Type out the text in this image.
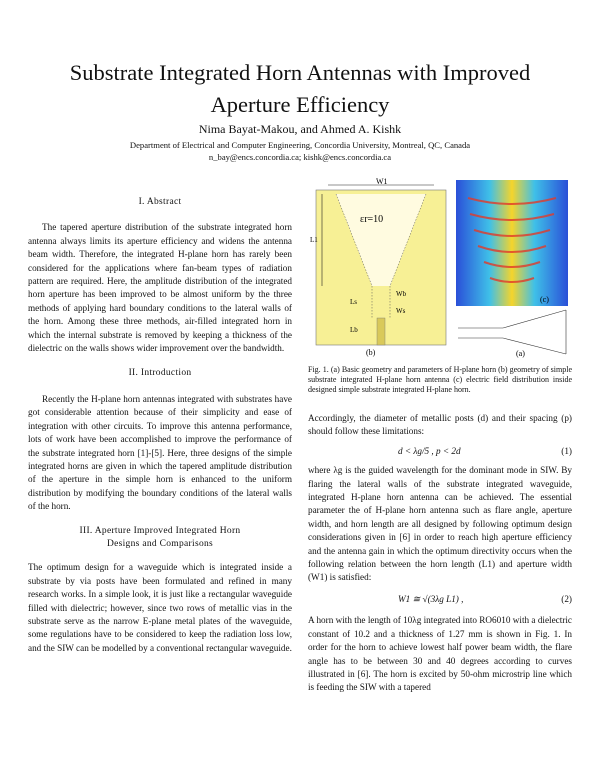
Substrate Integrated Horn Antennas with Improved
Aperture Efficiency
Nima Bayat-Makou, and Ahmed A. Kishk
Department of Electrical and Computer Engineering, Concordia University, Montreal, QC, Canada
n_bay@encs.concordia.ca; kishk@encs.concordia.ca
I. Abstract

The tapered aperture distribution of the substrate integrated horn antenna always limits its aperture efficiency and widens the antenna beam width. Therefore, the integrated H-plane horn has rarely been considered for the applications where fan-beam types of radiation pattern are required. Here, the amplitude distribution of the integrated horn aperture has been improved to be almost uniform by the three methods of applying hard boundary conditions to the lateral walls of the horn. Among these three methods, air-filled integrated horn in which the internal substrate is removed by keeping a thickness of the dielectric on the walls shows wider improvement over the bandwidth.

II. Introduction

Recently the H-plane horn antennas integrated with substrates have got considerable attention because of their simplicity and ease of integration with other circuits. To improve this antenna performance, lots of work have been accomplished to improve the performance of the substrate integrated horn [1]-[5]. Here, three designs of the simple integrated horns are given in which the tapered amplitude distribution of the aperture in the simple horn is enhanced to the uniform distribution by modifying the boundary conditions of the lateral walls of the horn.

III. Aperture Improved Integrated Horn
Designs and Comparisons

The optimum design for a waveguide which is integrated inside a substrate by via posts have been formulated and refined in many research works. In a simple look, it is just like a rectangular waveguide filled with dielectric; however, since two rows of metallic vias in the substrate serve as the narrow E-plane metal plates of the waveguide, some regulations have to be considered to keep the radiation loss low, and the SIW can be modelled by a conventional rectangular waveguide.

W1
εr=10
L1
Wb
Ws
Ls
Lb
(b)
(c)
(a)
Fig. 1. (a) Basic geometry and parameters of H-plane horn (b) geometry of simple substrate integrated H-plane horn antenna (c) electric field distribution inside designed simple substrate integrated H-plane horn.

Accordingly, the diameter of metallic posts (d) and their spacing (p) should follow these limitations:

d < λg/5 , p < 2d	(1)

where λg is the guided wavelength for the dominant mode in SIW. By flaring the lateral walls of the substrate integrated waveguide, integrated H-plane horn antenna can be achieved. The essential parameter the of H-plane horn antenna such as flare angle, aperture width, and horn length are all designed by following optimum design considerations given in [6] in order to reach high aperture efficiency and the antenna gain in which the optimum directivity occurs when the following relation between the horn length (L1) and aperture width (W1) is satisfied:

W1 ≅ √(3λg L1) ,	(2)

A horn with the length of 10λg integrated into RO6010 with a dielectric constant of 10.2 and a thickness of 1.27 mm is shown in Fig. 1. In order for the horn to achieve lowest half power beam width, the flare angle has to be between 30 and 40 degrees according to curves illustrated in [6]. The horn is excited by 50-ohm microstrip line which is feeding the SIW with a tapered
